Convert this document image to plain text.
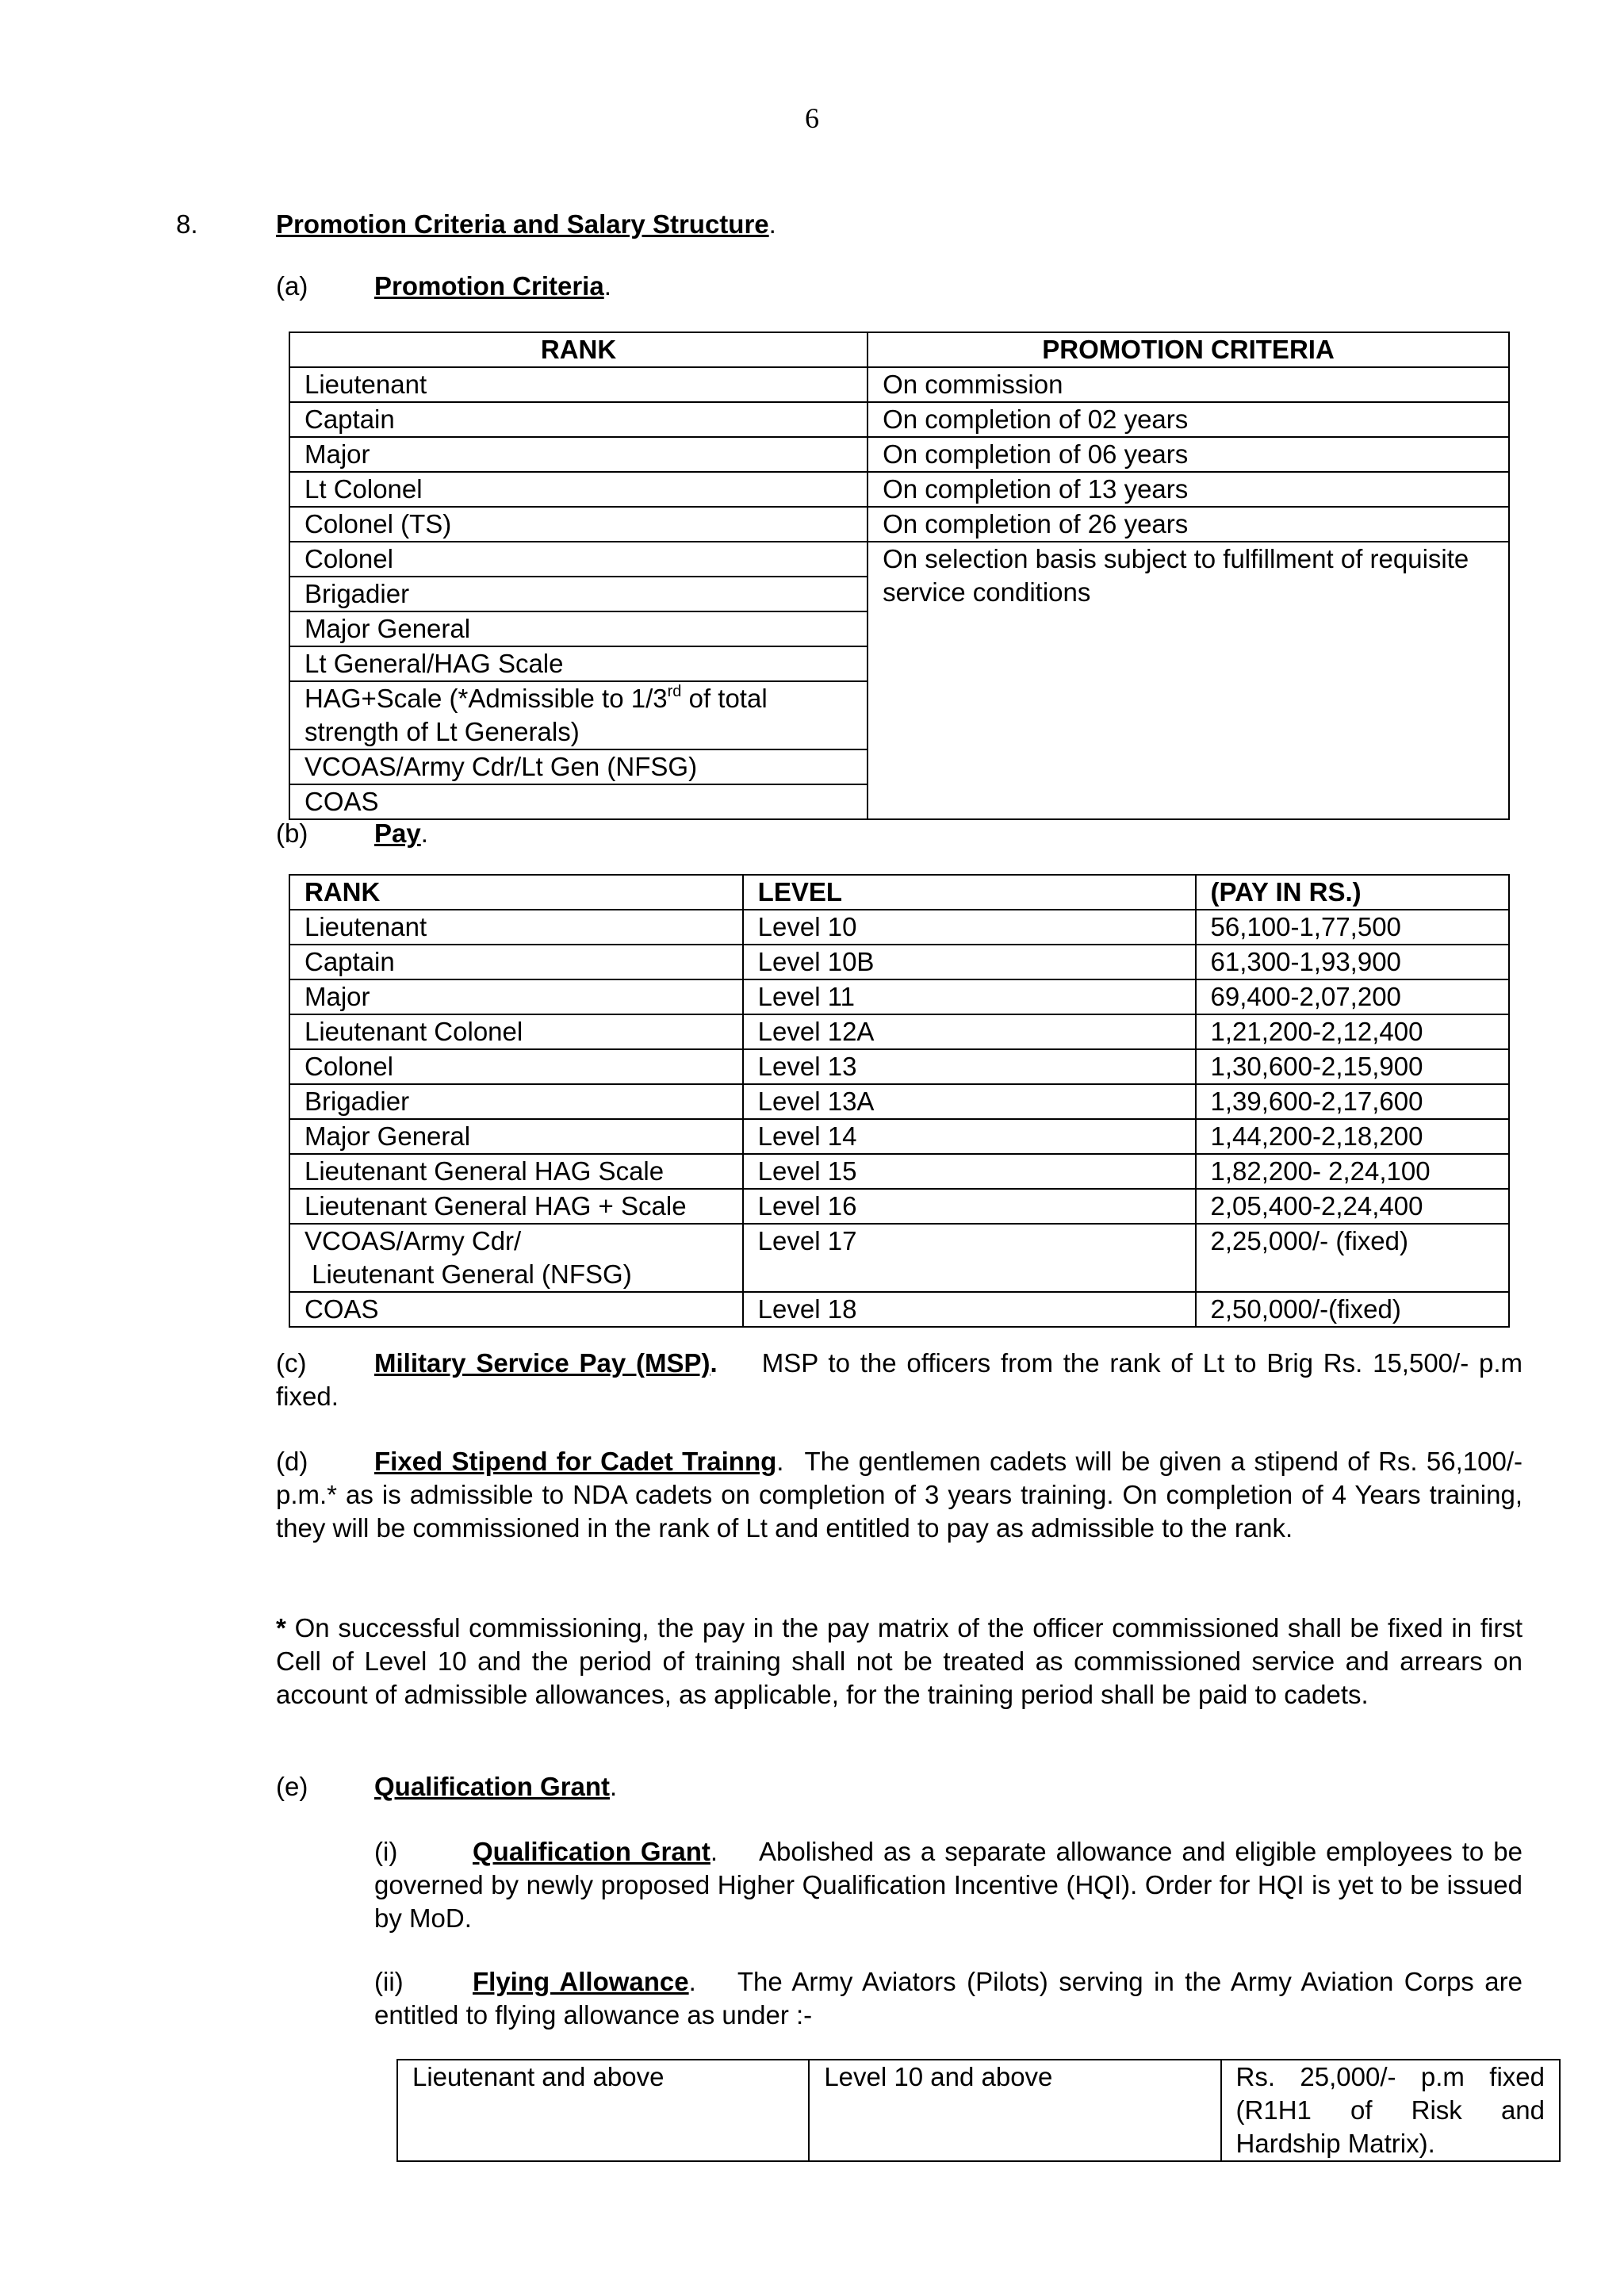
6
8.	Promotion Criteria and Salary Structure.
(a)	Promotion Criteria.
RANK	PROMOTION CRITERIA
Lieutenant	On commission
Captain	On completion of 02 years
Major	On completion of 06 years
Lt Colonel	On completion of 13 years
Colonel (TS)	On completion of 26 years
Colonel	On selection basis subject to fulfillment of requisite service conditions
Brigadier	
Major General	
Lt General/HAG Scale	
HAG+Scale (*Admissible to 1/3rd of total strength of Lt Generals)	
VCOAS/Army Cdr/Lt Gen (NFSG)	
COAS	
(b)	Pay.
RANK	LEVEL	(PAY IN RS.)
Lieutenant	Level 10	56,100-1,77,500
Captain	Level 10B	61,300-1,93,900
Major	Level 11	69,400-2,07,200
Lieutenant Colonel	Level 12A	1,21,200-2,12,400
Colonel	Level 13	1,30,600-2,15,900
Brigadier	Level 13A	1,39,600-2,17,600
Major General	Level 14	1,44,200-2,18,200
Lieutenant General HAG Scale	Level 15	1,82,200- 2,24,100
Lieutenant General HAG + Scale	Level 16	2,05,400-2,24,400

VCOAS/Army Cdr/
Lieutenant General (NFSG)	Level 17	2,25,000/- (fixed)
COAS	Level 18	2,50,000/-(fixed)
(c)	Military Service Pay (MSP). MSP to the officers from the rank of Lt to Brig Rs. 15,500/- p.m fixed.
(d)	Fixed Stipend for Cadet Trainng. The gentlemen cadets will be given a stipend of Rs. 56,100/-p.m.* as is admissible to NDA cadets on completion of 3 years training. On completion of 4 Years training, they will be commissioned in the rank of Lt and entitled to pay as admissible to the rank.
* On successful commissioning, the pay in the pay matrix of the officer commissioned shall be fixed in first Cell of Level 10 and the period of training shall not be treated as commissioned service and arrears on account of admissible allowances, as applicable, for the training period shall be paid to cadets.
(e)	Qualification Grant.
(i)	Qualification Grant. Abolished as a separate allowance and eligible employees to be governed by newly proposed Higher Qualification Incentive (HQI). Order for HQI is yet to be issued by MoD.
(ii)	Flying Allowance. The Army Aviators (Pilots) serving in the Army Aviation Corps are entitled to flying allowance as under :-
Lieutenant and above	Level 10 and above	Rs. 25,000/- p.m fixed (R1H1 of Risk and Hardship Matrix).
